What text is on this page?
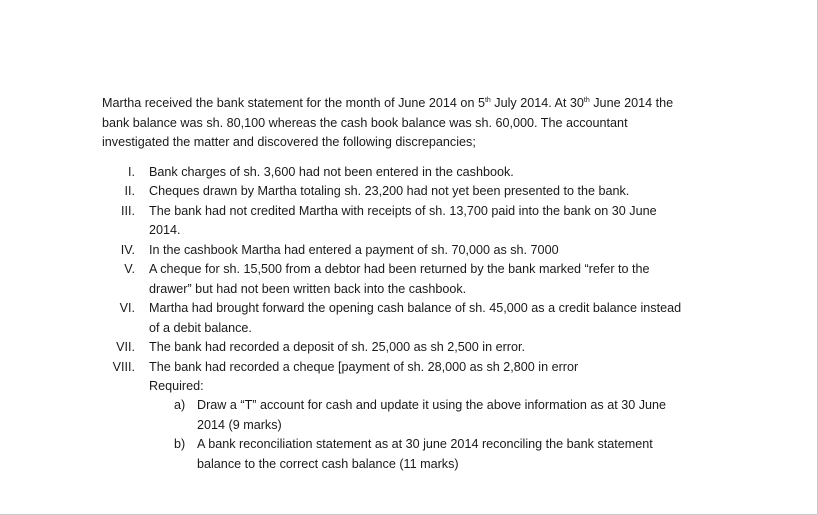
Martha received the bank statement for the month of June 2014 on 5th July 2014. At 30th June 2014 the
bank balance was sh. 80,100 whereas the cash book balance was sh. 60,000. The accountant
investigated the matter and discovered the following discrepancies;
I. Bank charges of sh. 3,600 had not been entered in the cashbook.
II. Cheques drawn by Martha totaling sh. 23,200 had not yet been presented to the bank.
III. The bank had not credited Martha with receipts of sh. 13,700 paid into the bank on 30 June
2014.
IV. In the cashbook Martha had entered a payment of sh. 70,000 as sh. 7000
V. A cheque for sh. 15,500 from a debtor had been returned by the bank marked “refer to the
drawer” but had not been written back into the cashbook.
VI. Martha had brought forward the opening cash balance of sh. 45,000 as a credit balance instead
of a debit balance.
VII. The bank had recorded a deposit of sh. 25,000 as sh 2,500 in error.
VIII. The bank had recorded a cheque [payment of sh. 28,000 as sh 2,800 in error
Required:
a) Draw a “T” account for cash and update it using the above information as at 30 June
2014 (9 marks)
b) A bank reconciliation statement as at 30 june 2014 reconciling the bank statement
balance to the correct cash balance (11 marks)
